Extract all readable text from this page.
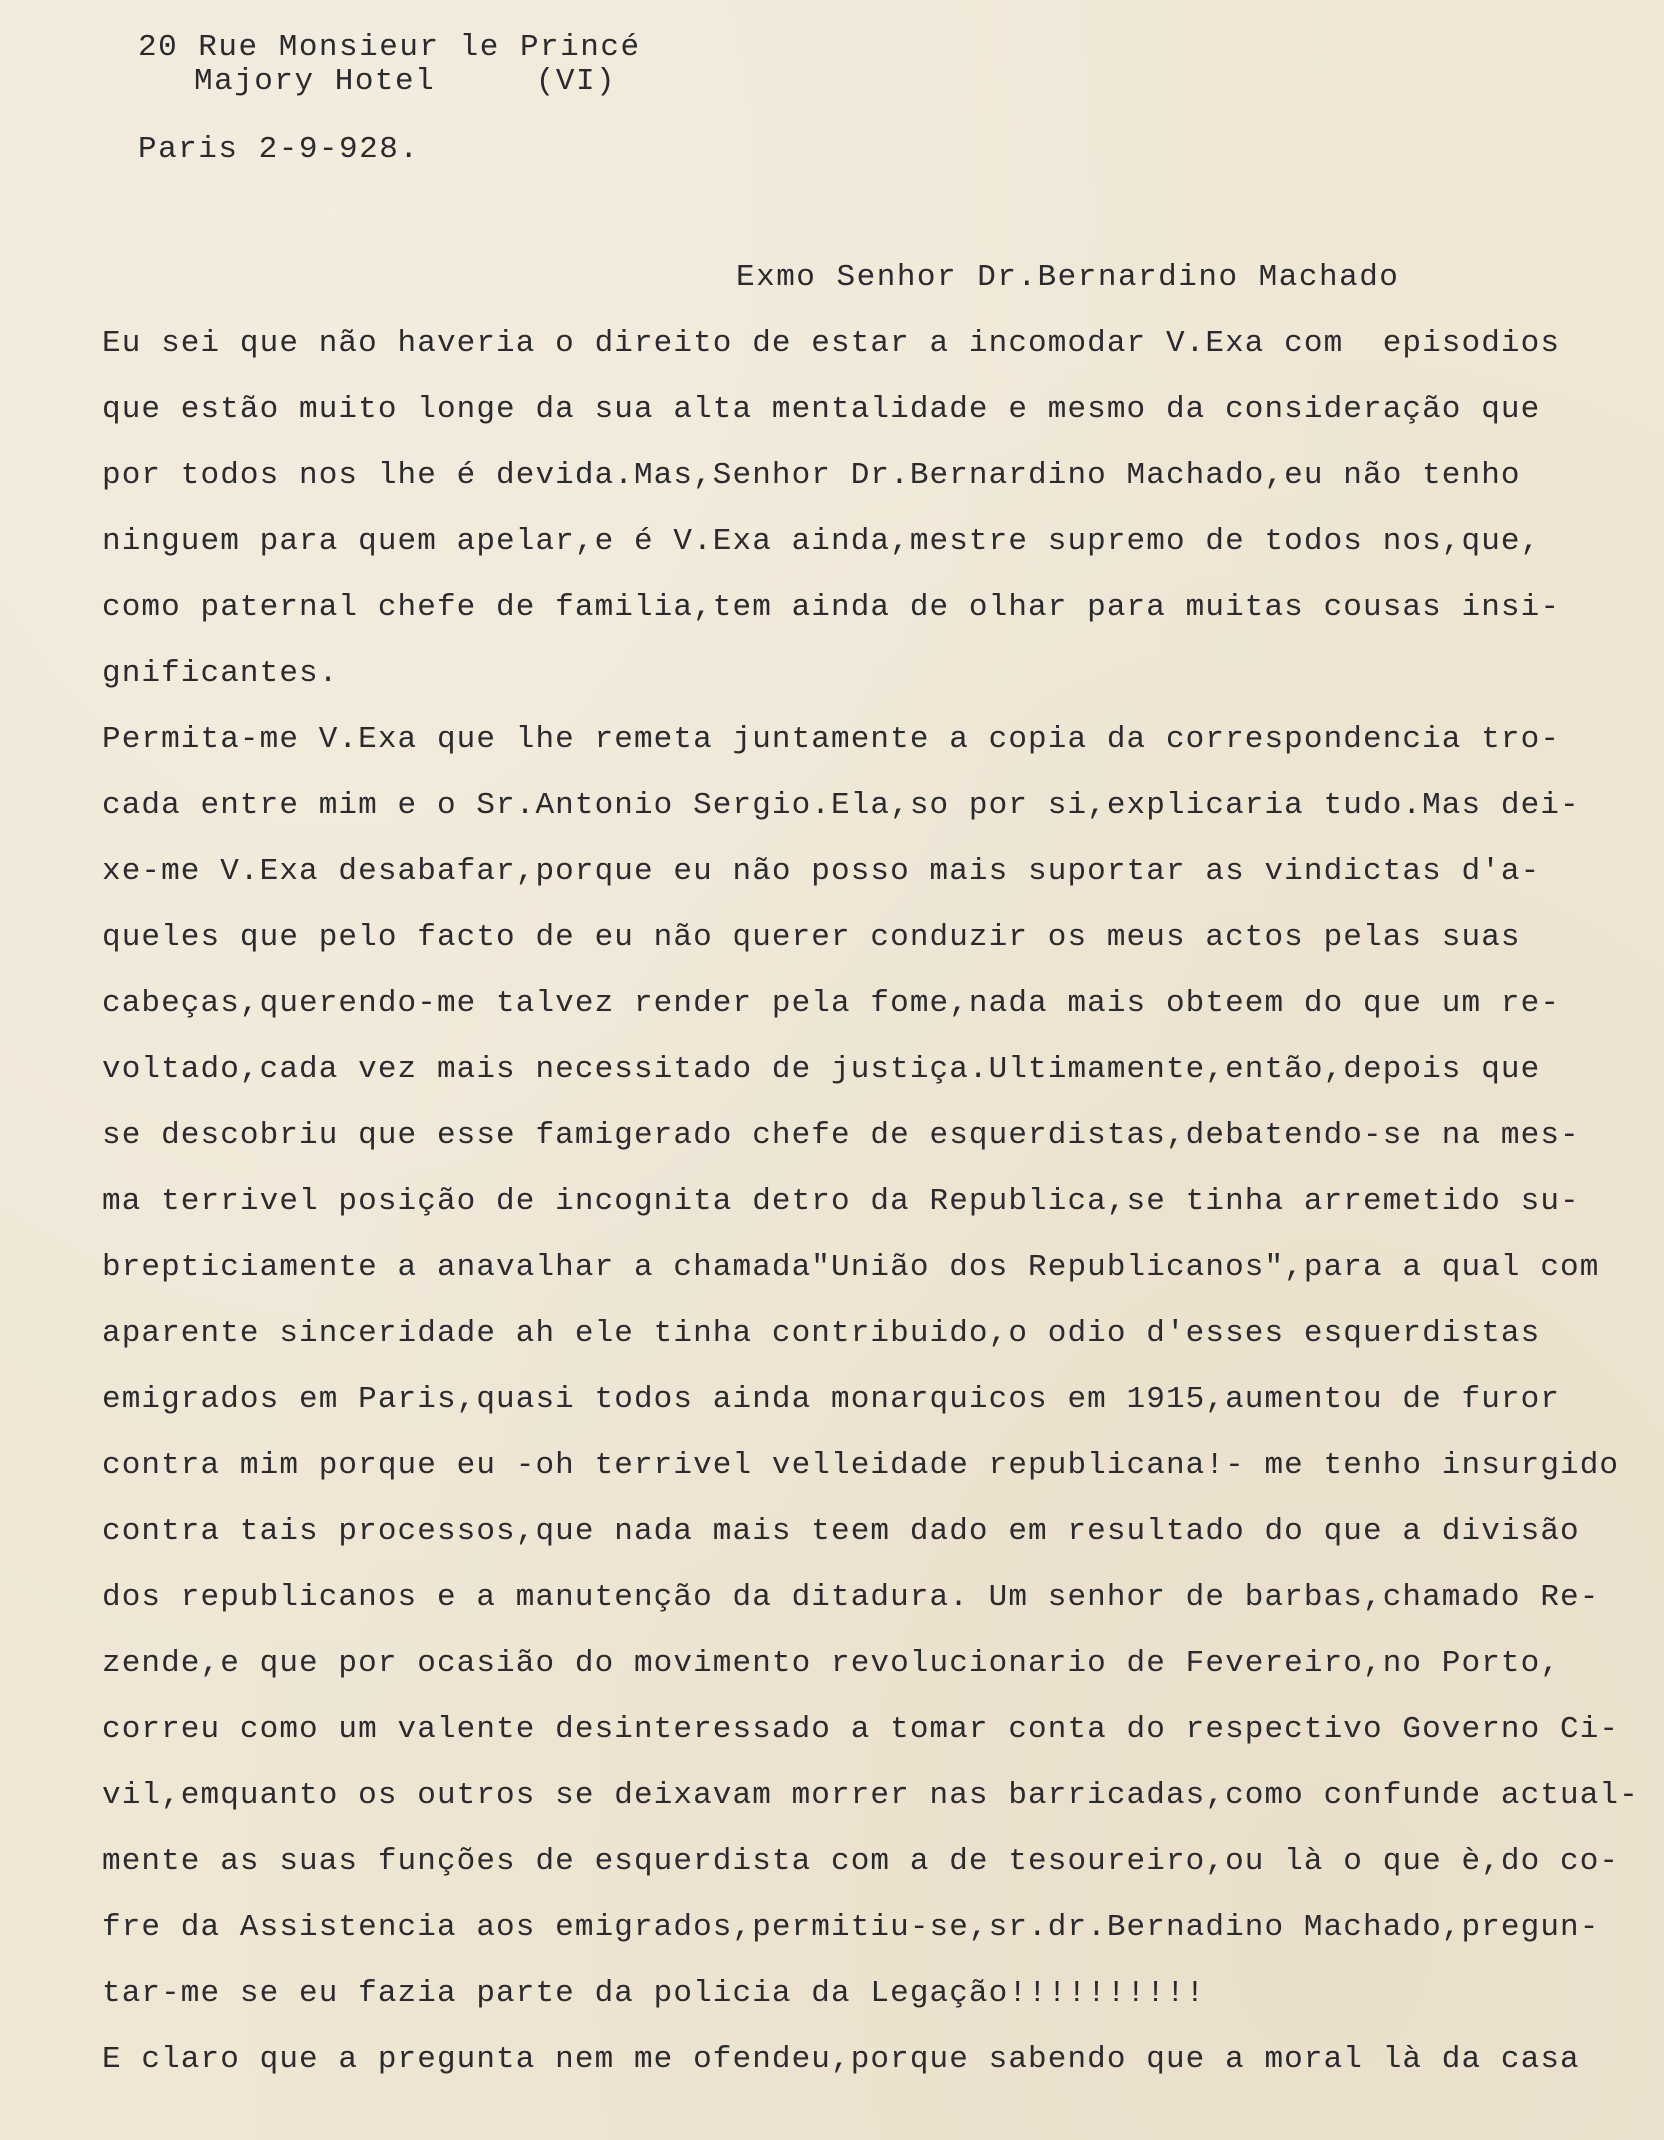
20 Rue Monsieur le Princé
Majory Hotel     (VI)
Paris 2-9-928.
Exmo Senhor Dr.Bernardino Machado
Eu sei que não haveria o direito de estar a incomodar V.Exa com  episodios
que estão muito longe da sua alta mentalidade e mesmo da consideração que
por todos nos lhe é devida.Mas,Senhor Dr.Bernardino Machado,eu não tenho
ninguem para quem apelar,e é V.Exa ainda,mestre supremo de todos nos,que,
como paternal chefe de familia,tem ainda de olhar para muitas cousas insi-
gnificantes.
Permita-me V.Exa que lhe remeta juntamente a copia da correspondencia tro-
cada entre mim e o Sr.Antonio Sergio.Ela,so por si,explicaria tudo.Mas dei-
xe-me V.Exa desabafar,porque eu não posso mais suportar as vindictas d'a-
queles que pelo facto de eu não querer conduzir os meus actos pelas suas
cabeças,querendo-me talvez render pela fome,nada mais obteem do que um re-
voltado,cada vez mais necessitado de justiça.Ultimamente,então,depois que
se descobriu que esse famigerado chefe de esquerdistas,debatendo-se na mes-
ma terrivel posição de incognita detro da Republica,se tinha arremetido su-
brepticiamente a anavalhar a chamada"União dos Republicanos",para a qual com
aparente sinceridade ah ele tinha contribuido,o odio d'esses esquerdistas
emigrados em Paris,quasi todos ainda monarquicos em 1915,aumentou de furor
contra mim porque eu -oh terrivel velleidade republicana!- me tenho insurgido
contra tais processos,que nada mais teem dado em resultado do que a divisão
dos republicanos e a manutenção da ditadura. Um senhor de barbas,chamado Re-
zende,e que por ocasião do movimento revolucionario de Fevereiro,no Porto,
correu como um valente desinteressado a tomar conta do respectivo Governo Ci-
vil,emquanto os outros se deixavam morrer nas barricadas,como confunde actual-
mente as suas funções de esquerdista com a de tesoureiro,ou là o que è,do co-
fre da Assistencia aos emigrados,permitiu-se,sr.dr.Bernadino Machado,pregun-
tar-me se eu fazia parte da policia da Legação!!!!!!!!!!
E claro que a pregunta nem me ofendeu,porque sabendo que a moral là da casa
